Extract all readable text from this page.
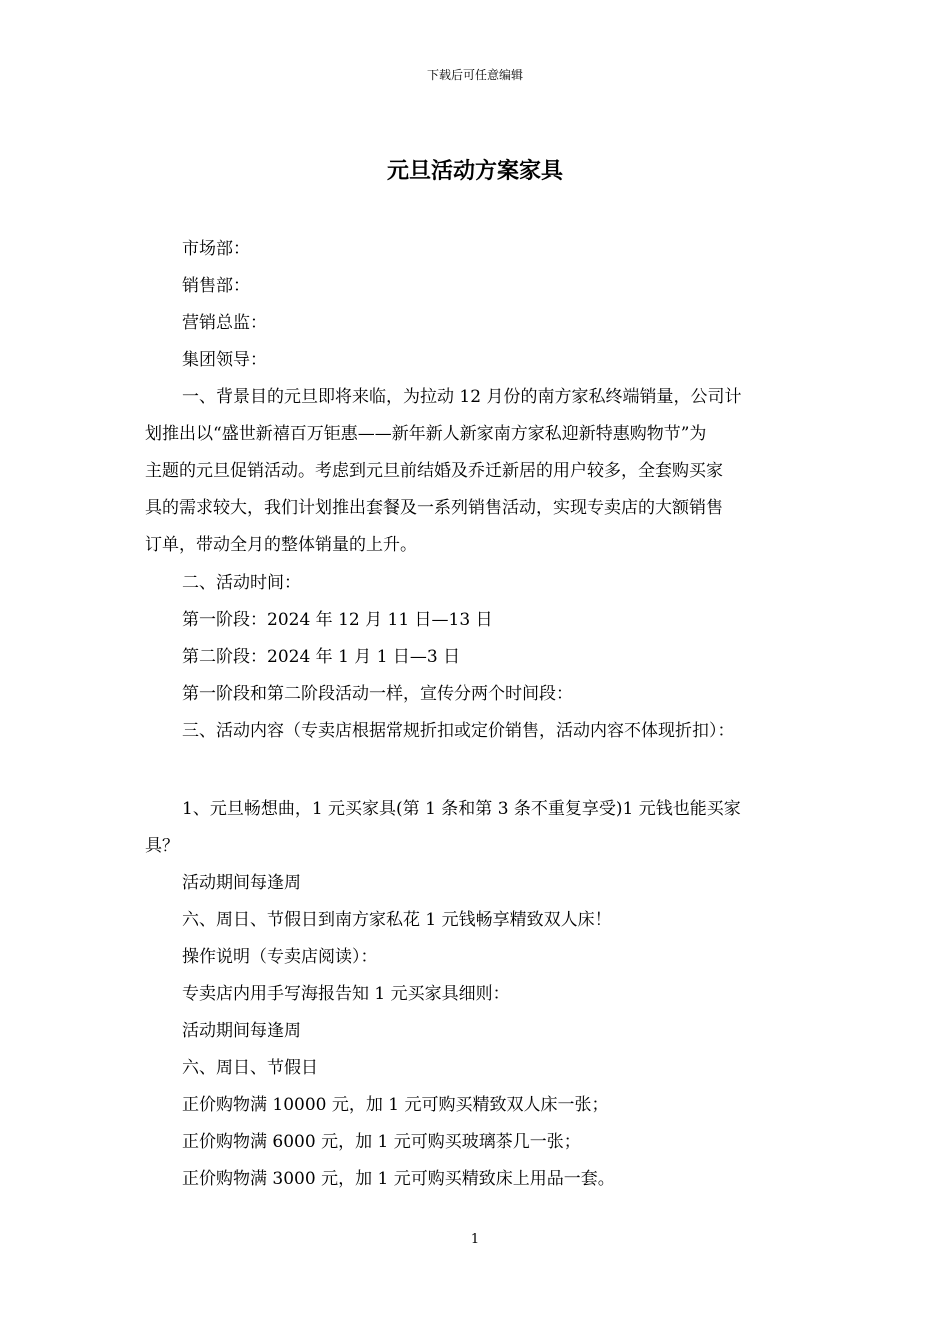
下载后可任意编辑
元旦活动方案家具
市场部：
销售部：
营销总监：
集团领导：
一、背景目的元旦即将来临，为拉动 12 月份的南方家私终端销量，公司计
划推出以“盛世新禧百万钜惠——新年新人新家南方家私迎新特惠购物节”为
主题的元旦促销活动。考虑到元旦前结婚及乔迁新居的用户较多，全套购买家
具的需求较大，我们计划推出套餐及一系列销售活动，实现专卖店的大额销售
订单，带动全月的整体销量的上升。
二、活动时间：
第一阶段：2024 年 12 月 11 日—13 日
第二阶段：2024 年 1 月 1 日—3 日
第一阶段和第二阶段活动一样，宣传分两个时间段：
三、活动内容（专卖店根据常规折扣或定价销售，活动内容不体现折扣）：
1、元旦畅想曲，1 元买家具(第 1 条和第 3 条不重复享受)1 元钱也能买家
具？
活动期间每逢周
六、周日、节假日到南方家私花 1 元钱畅享精致双人床！
操作说明（专卖店阅读）：
专卖店内用手写海报告知 1 元买家具细则：
活动期间每逢周
六、周日、节假日
正价购物满 10000 元，加 1 元可购买精致双人床一张；
正价购物满 6000 元，加 1 元可购买玻璃茶几一张；
正价购物满 3000 元，加 1 元可购买精致床上用品一套。
1
